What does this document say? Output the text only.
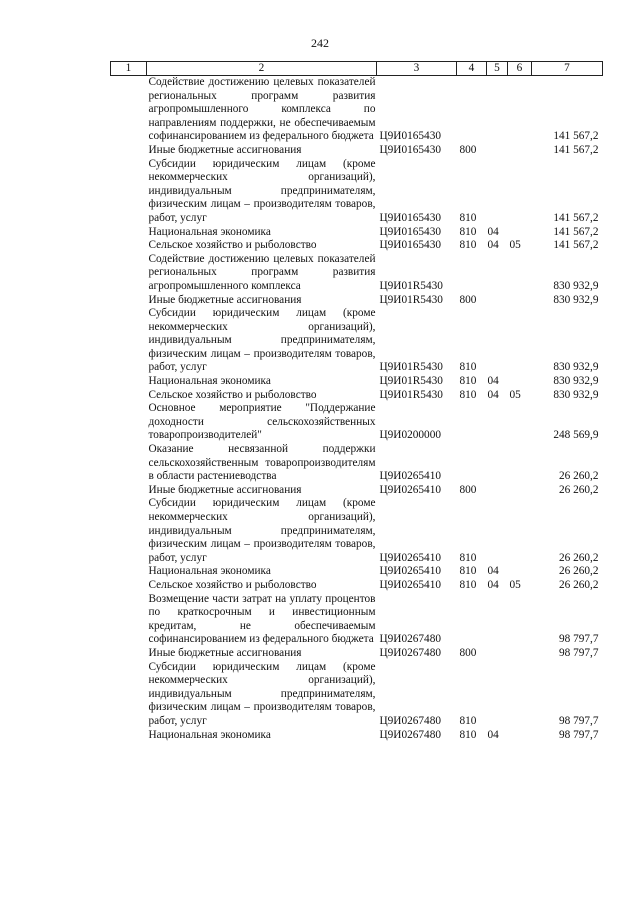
242
1	2	3	4	5	6	7
	Содействие достижению целевых показателей региональных программ развития агропромышленного комплекса по направлениям поддержки, не обеспечиваемым софинансированием из федерального бюджета	Ц9И0165430				141 567,2
	Иные бюджетные ассигнования	Ц9И0165430	800			141 567,2
	Субсидии юридическим лицам (кроме некоммерческих организаций), индивидуальным предпринимателям, физическим лицам – производителям товаров, работ, услуг	Ц9И0165430	810			141 567,2
	Национальная экономика	Ц9И0165430	810	04		141 567,2
	Сельское хозяйство и рыболовство	Ц9И0165430	810	04	05	141 567,2
	Содействие достижению целевых показателей региональных программ развития агропромышленного комплекса	Ц9И01R5430				830 932,9
	Иные бюджетные ассигнования	Ц9И01R5430	800			830 932,9
	Субсидии юридическим лицам (кроме некоммерческих организаций), индивидуальным предпринимателям, физическим лицам – производителям товаров, работ, услуг	Ц9И01R5430	810			830 932,9
	Национальная экономика	Ц9И01R5430	810	04		830 932,9
	Сельское хозяйство и рыболовство	Ц9И01R5430	810	04	05	830 932,9
	Основное мероприятие "Поддержание доходности сельскохозяйственных товаропроизводителей"	Ц9И0200000				248 569,9
	Оказание несвязанной поддержки сельскохозяйственным товаропроизводителям в области растениеводства	Ц9И0265410				26 260,2
	Иные бюджетные ассигнования	Ц9И0265410	800			26 260,2
	Субсидии юридическим лицам (кроме некоммерческих организаций), индивидуальным предпринимателям, физическим лицам – производителям товаров, работ, услуг	Ц9И0265410	810			26 260,2
	Национальная экономика	Ц9И0265410	810	04		26 260,2
	Сельское хозяйство и рыболовство	Ц9И0265410	810	04	05	26 260,2
	Возмещение части затрат на уплату процентов по краткосрочным и инвестиционным кредитам, не обеспечиваемым софинансированием из федерального бюджета	Ц9И0267480				98 797,7
	Иные бюджетные ассигнования	Ц9И0267480	800			98 797,7
	Субсидии юридическим лицам (кроме некоммерческих организаций), индивидуальным предпринимателям, физическим лицам – производителям товаров, работ, услуг	Ц9И0267480	810			98 797,7
	Национальная экономика	Ц9И0267480	810	04		98 797,7
